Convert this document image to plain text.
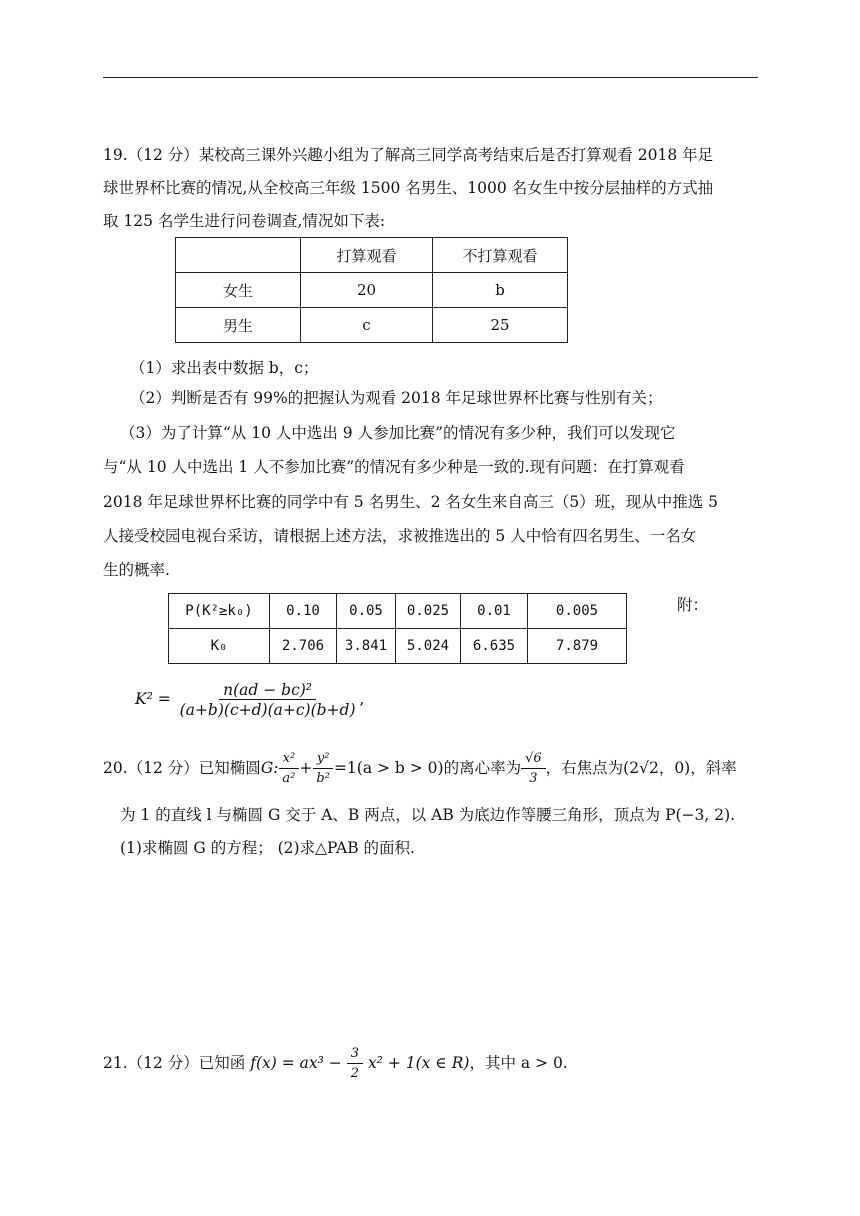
19.（12 分）某校高三课外兴趣小组为了解高三同学高考结束后是否打算观看 2018 年足
球世界杯比赛的情况,从全校高三年级 1500 名男生、1000 名女生中按分层抽样的方式抽
取 125 名学生进行问卷调查,情况如下表:
	打算观看	不打算观看
女生	20	b
男生	c	25
（1）求出表中数据 b，c；
（2）判断是否有 99%的把握认为观看 2018 年足球世界杯比赛与性别有关；
（3）为了计算“从 10 人中选出 9 人参加比赛”的情况有多少种，我们可以发现它
与“从 10 人中选出 1 人不参加比赛”的情况有多少种是一致的.现有问题：在打算观看
2018 年足球世界杯比赛的同学中有 5 名男生、2 名女生来自高三（5）班，现从中推选 5
人接受校园电视台采访，请根据上述方法，求被推选出的 5 人中恰有四名男生、一名女
生的概率.
P(K²≥k₀)	0.10	0.05	0.025	0.01	0.005
K₀	2.706	3.841	5.024	6.635	7.879
附：
$K^2 = \frac{\text{n(ad − bc)²}}{(a+b)(c+d)(a+c)(b+d)}$ ,
20.（12 分）已知椭圆G: $\frac{\text{x²}}{\text{a²}} + \frac{\text{y²}}{\text{b²}} =1(a > b > 0)$的离心率为 $\frac{√6}{3}$ ，右焦点为(2√2，0)，斜率
为 1 的直线 l 与椭圆 G 交于 A、B 两点，以 AB 为底边作等腰三角形，顶点为 P(−3, 2).
(1)求椭圆 G 的方程； (2)求△PAB 的面积.
21.（12 分）已知函 $f(x) = ax^3 - \frac{3}{2} x^2 + 1(x$ ∈ R)，其中 a > 0.
